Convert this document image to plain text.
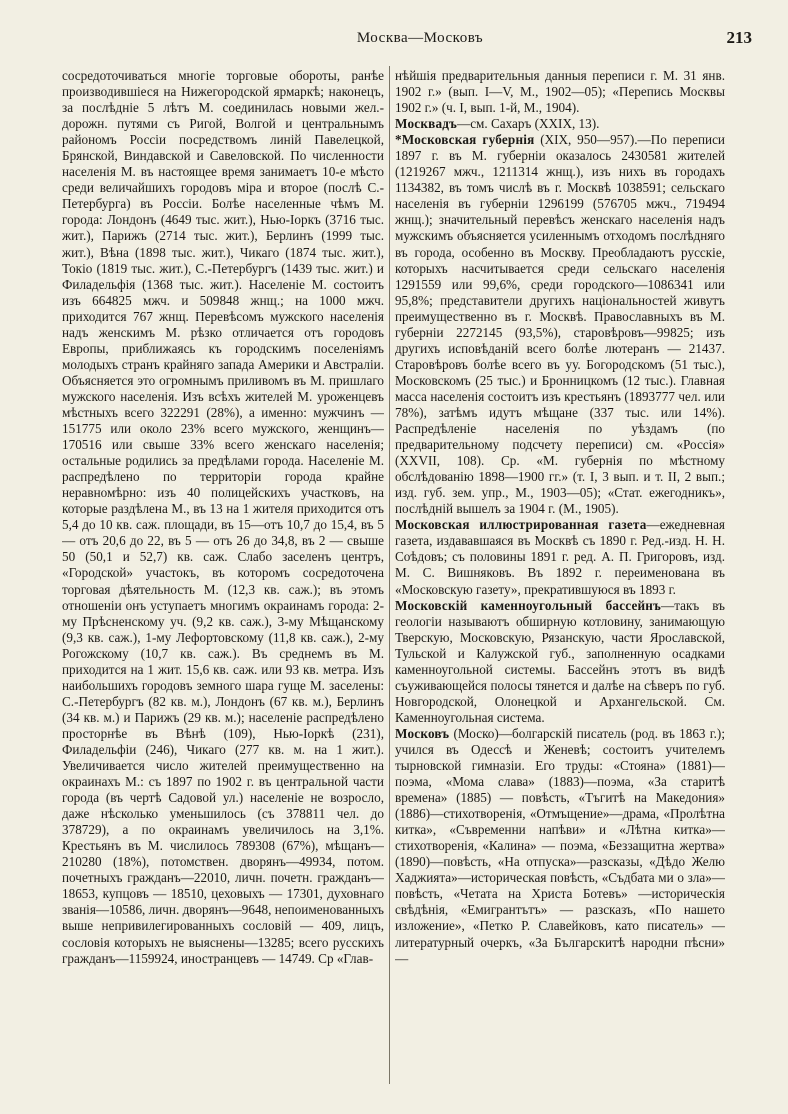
Москва—Московъ	213

сосредоточиваться многіе торговые обороты, ранѣе производившіеся на Нижегородской ярмаркѣ; наконецъ, за послѣдніе 5 лѣтъ М. соединилась новыми жел.-дорожн. путями съ Ригой, Волгой и центральнымъ райономъ Россіи посредствомъ линій Павелецкой, Брянской, Виндавской и Савеловской. По численности населенія М. въ настоящее время занимаетъ 10-е мѣсто среди величайшихъ городовъ міра и второе (послѣ С.-Петербурга) въ Россіи. Болѣе населенные чѣмъ М. города: Лондонъ (4649 тыс. жит.), Нью-Іоркъ (3716 тыс. жит.), Парижъ (2714 тыс. жит.), Берлинъ (1999 тыс. жит.), Вѣна (1898 тыс. жит.), Чикаго (1874 тыс. жит.), Токіо (1819 тыс. жит.), С.-Петербургъ (1439 тыс. жит.) и Филадельфія (1368 тыс. жит.). Населеніе М. состоитъ изъ 664825 мжч. и 509848 жнщ.; на 1000 мжч. приходится 767 жнщ. Перевѣсомъ мужского населенія надъ женскимъ М. рѣзко отличается отъ городовъ Европы, приближаясь къ городскимъ поселеніямъ молодыхъ странъ крайняго запада Америки и Австраліи. Объясняется это огромнымъ приливомъ въ М. пришлаго мужского населенія. Изъ всѣхъ жителей М. уроженцевъ мѣстныхъ всего 322291 (28%), а именно: мужчинъ — 151775 или около 23% всего мужского, женщинъ—170516 или свыше 33% всего женскаго населенія; остальные родились за предѣлами города. Населеніе М. распредѣлено по территоріи города крайне неравномѣрно: изъ 40 полицейскихъ участковъ, на которые раздѣлена М., въ 13 на 1 жителя приходится отъ 5,4 до 10 кв. саж. площади, въ 15—отъ 10,7 до 15,4, въ 5 — отъ 20,6 до 22, въ 5 — отъ 26 до 34,8, въ 2 — свыше 50 (50,1 и 52,7) кв. саж. Слабо заселенъ центръ, «Городской» участокъ, въ которомъ сосредоточена торговая дѣятельность М. (12,3 кв. саж.); въ этомъ отношеніи онъ уступаетъ многимъ окраинамъ города: 2-му Прѣсненскому уч. (9,2 кв. саж.), 3-му Мѣщанскому (9,3 кв. саж.), 1-му Лефортовскому (11,8 кв. саж.), 2-му Рогожскому (10,7 кв. саж.). Въ среднемъ въ М. приходится на 1 жит. 15,6 кв. саж. или 93 кв. метра. Изъ наибольшихъ городовъ земного шара гуще М. заселены: С.-Петербургъ (82 кв. м.), Лондонъ (67 кв. м.), Берлинъ (34 кв. м.) и Парижъ (29 кв. м.); населеніе распредѣлено просторнѣе въ Вѣнѣ (109), Нью-Іоркѣ (231), Филадельфіи (246), Чикаго (277 кв. м. на 1 жит.). Увеличивается число жителей преимущественно на окраинахъ М.: съ 1897 по 1902 г. въ центральной части города (въ чертѣ Садовой ул.) населеніе не возросло, даже нѣсколько уменьшилось (съ 378811 чел. до 378729), а по окраинамъ увеличилось на 3,1%. Крестьянъ въ М. числилось 789308 (67%), мѣщанъ—210280 (18%), потомствен. дворянъ—49934, потом. почетныхъ гражданъ—22010, личн. почетн. гражданъ—18653, купцовъ — 18510, цеховыхъ — 17301, духовнаго званія—10586, личн. дворянъ—9648, непоименованныхъ выше непривилегированныхъ сословій — 409, лицъ, сословія которыхъ не выяснены—13285; всего русскихъ гражданъ—1159924, иностранцевъ — 14749. Ср «Глав-

нѣйшія предварительныя данныя переписи г. М. 31 янв. 1902 г.» (вып. I—V, М., 1902—05); «Перепись Москвы 1902 г.» (ч. I, вып. 1-й, М., 1904).

Москвадъ—см. Сахаръ (XXIX, 13).

*Московская губернія (XIX, 950—957).—По переписи 1897 г. въ М. губерніи оказалось 2430581 жителей (1219267 мжч., 1211314 жнщ.), изъ нихъ въ городахъ 1134382, въ томъ числѣ въ г. Москвѣ 1038591; сельскаго населенія въ губерніи 1296199 (576705 мжч., 719494 жнщ.); значительный перевѣсъ женскаго населенія надъ мужскимъ объясняется усиленнымъ отходомъ послѣдняго въ города, особенно въ Москву. Преобладаютъ русскіе, которыхъ насчитывается среди сельскаго населенія 1291559 или 99,6%, среди городского—1086341 или 95,8%; представители другихъ національностей живутъ преимущественно въ г. Москвѣ. Православныхъ въ М. губерніи 2272145 (93,5%), старовѣровъ—99825; изъ другихъ исповѣданій всего болѣе лютеранъ — 21437. Старовѣровъ болѣе всего въ уу. Богородскомъ (51 тыс.), Московскомъ (25 тыс.) и Бронницкомъ (12 тыс.). Главная масса населенія состоитъ изъ крестьянъ (1893777 чел. или 78%), затѣмъ идутъ мѣщане (337 тыс. или 14%). Распредѣленіе населенія по уѣздамъ (по предварительному подсчету переписи) см. «Россія» (XXVII, 108). Ср. «М. губернія по мѣстному обслѣдованію 1898—1900 гг.» (т. I, 3 вып. и т. II, 2 вып.; изд. губ. зем. упр., М., 1903—05); «Стат. ежегодникъ», послѣдній вышелъ за 1904 г. (М., 1905).

Московская иллюстрированная газета—ежедневная газета, издававшаяся въ Москвѣ съ 1890 г. Ред.-изд. Н. Н. Соѣдовъ; съ половины 1891 г. ред. А. П. Григоровъ, изд. М. С. Вишняковъ. Въ 1892 г. переименована въ «Московскую газету», прекратившуюся въ 1893 г.

Московскій каменноугольный бассейнъ—такъ въ геологіи называютъ обширную котловину, занимающую Тверскую, Московскую, Рязанскую, части Ярославской, Тульской и Калужской губ., заполненную осадками каменноугольной системы. Бассейнъ этотъ въ видѣ съуживающейся полосы тянется и далѣе на сѣверъ по губ. Новгородской, Олонецкой и Архангельской. См. Каменноугольная система.

Московъ (Моско)—болгарскій писатель (род. въ 1863 г.); учился въ Одессѣ и Женевѣ; состоитъ учителемъ тырновской гимназіи. Его труды: «Стояна» (1881)—поэма, «Мома слава» (1883)—поэма, «За старитѣ времена» (1885) — повѣсть, «Тъгитѣ на Македония» (1886)—стихотворенія, «Отмъщение»—драма, «Пролѣтна китка», «Съвременни напѣви» и «Лѣтна китка»—стихотворенія, «Калина» — поэма, «Беззащитна жертва» (1890)—повѣсть, «На отпуска»—разсказы, «Дѣдо Желю Хаджията»—историческая повѣсть, «Съдбата ми о зла»—повѣсть, «Четата на Христа Ботевъ» —историческія свѣдѣнія, «Емигрантътъ» — разсказъ, «По нашето изложение», «Петко Р. Славейковъ, като писатель» — литературный очеркъ, «За Българскитѣ народни пѣсни» —
